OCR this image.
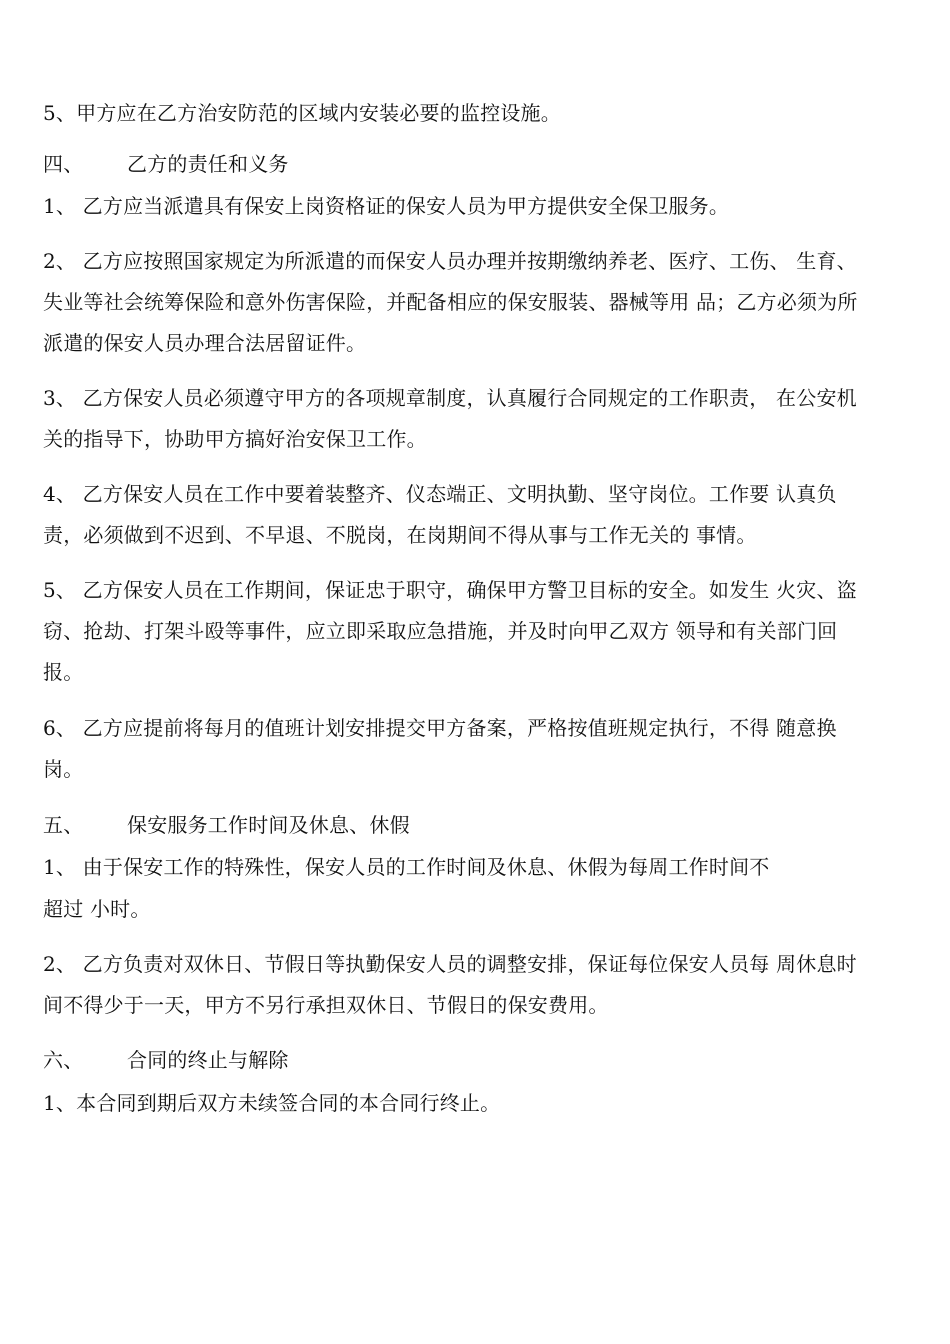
5、甲方应在乙方治安防范的区域内安装必要的监控设施。
四、 乙方的责任和义务
1、 乙方应当派遣具有保安上岗资格证的保安人员为甲方提供安全保卫服务。
2、 乙方应按照国家规定为所派遣的而保安人员办理并按期缴纳养老、医疗、工伤、 生育、
失业等社会统筹保险和意外伤害保险，并配备相应的保安服装、器械等用 品；乙方必须为所
派遣的保安人员办理合法居留证件。
3、 乙方保安人员必须遵守甲方的各项规章制度，认真履行合同规定的工作职责， 在公安机
关的指导下，协助甲方搞好治安保卫工作。
4、 乙方保安人员在工作中要着装整齐、仪态端正、文明执勤、坚守岗位。工作要 认真负
责，必须做到不迟到、不早退、不脱岗，在岗期间不得从事与工作无关的 事情。
5、 乙方保安人员在工作期间，保证忠于职守，确保甲方警卫目标的安全。如发生 火灾、盗
窃、抢劫、打架斗殴等事件，应立即采取应急措施，并及时向甲乙双方 领导和有关部门回
报。
6、 乙方应提前将每月的值班计划安排提交甲方备案，严格按值班规定执行，不得 随意换
岗。
五、 保安服务工作时间及休息、休假
1、 由于保安工作的特殊性，保安人员的工作时间及休息、休假为每周工作时间不
超过 小时。
2、 乙方负责对双休日、节假日等执勤保安人员的调整安排，保证每位保安人员每 周休息时
间不得少于一天，甲方不另行承担双休日、节假日的保安费用。
六、 合同的终止与解除
1、本合同到期后双方未续签合同的本合同行终止。
